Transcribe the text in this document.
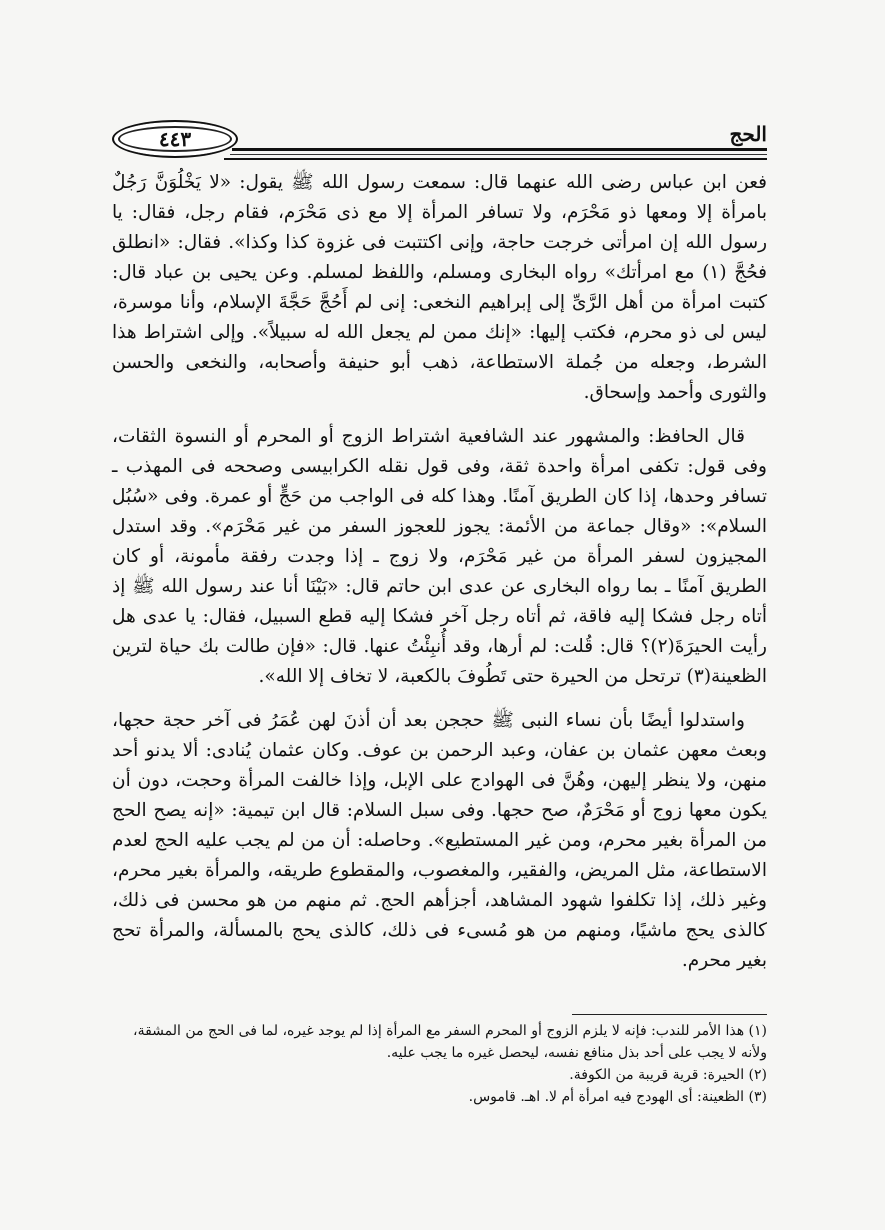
٤٤٣	الحج

فعن ابن عباس رضى الله عنهما قال: سمعت رسول الله ﷺ يقول: «لا يَخْلُوَنَّ رَجُلٌ بامرأة إلا ومعها ذو مَحْرَم، ولا تسافر المرأة إلا مع ذى مَحْرَم، فقام رجل، فقال: يا رسول الله إن امرأتى خرجت حاجة، وإنى اكتتبت فى غزوة كذا وكذا». فقال: «انطلق فحُجَّ (١) مع امرأتك» رواه البخارى ومسلم، واللفظ لمسلم. وعن يحيى بن عباد قال: كتبت امرأة من أهل الرَّىِّ إلى إبراهيم النخعى: إنى لم أَحُجَّ حَجَّةَ الإسلام، وأنا موسرة، ليس لى ذو محرم، فكتب إليها: «إنك ممن لم يجعل الله له سبيلاً». وإلى اشتراط هذا الشرط، وجعله من جُملة الاستطاعة، ذهب أبو حنيفة وأصحابه، والنخعى والحسن والثورى وأحمد وإسحاق.

قال الحافظ: والمشهور عند الشافعية اشتراط الزوج أو المحرم أو النسوة الثقات، وفى قول: تكفى امرأة واحدة ثقة، وفى قول نقله الكرابيسى وصححه فى المهذب ـ تسافر وحدها، إذا كان الطريق آمنًا. وهذا كله فى الواجب من حَجٍّ أو عمرة. وفى «سُبُل السلام»: «وقال جماعة من الأئمة: يجوز للعجوز السفر من غير مَحْرَم». وقد استدل المجيزون لسفر المرأة من غير مَحْرَم، ولا زوج ـ إذا وجدت رفقة مأمونة، أو كان الطريق آمنًا ـ بما رواه البخارى عن عدى ابن حاتم قال: «بَيْنَا أنا عند رسول الله ﷺ إذ أتاه رجل فشكا إليه فاقة، ثم أتاه رجل آخر فشكا إليه قطع السبيل، فقال: يا عدى هل رأيت الحيرَةَ(٢)؟ قال: قُلت: لم أرها، وقد أُنبِئْتُ عنها. قال: «فإن طالت بك حياة لترين الظعينة(٣) ترتحل من الحيرة حتى تَطُوفَ بالكعبة، لا تخاف إلا الله».

واستدلوا أيضًا بأن نساء النبى ﷺ حججن بعد أن أذنَ لهن عُمَرُ فى آخر حجة حجها، وبعث معهن عثمان بن عفان، وعبد الرحمن بن عوف. وكان عثمان يُنادى: ألا يدنو أحد منهن، ولا ينظر إليهن، وهُنَّ فى الهوادج على الإبل، وإذا خالفت المرأة وحجت، دون أن يكون معها زوج أو مَحْرَمٌ، صح حجها. وفى سبل السلام: قال ابن تيمية: «إنه يصح الحج من المرأة بغير محرم، ومن غير المستطيع». وحاصله: أن من لم يجب عليه الحج لعدم الاستطاعة، مثل المريض، والفقير، والمغصوب، والمقطوع طريقه، والمرأة بغير محرم، وغير ذلك، إذا تكلفوا شهود المشاهد، أجزأهم الحج. ثم منهم من هو محسن فى ذلك، كالذى يحج ماشيًا، ومنهم من هو مُسىء فى ذلك، كالذى يحج بالمسألة، والمرأة تحج بغير محرم.

(١) هذا الأمر للندب: فإنه لا يلزم الزوج أو المحرم السفر مع المرأة إذا لم يوجد غيره، لما فى الحج من المشقة، ولأنه لا يجب على أحد بذل منافع نفسه، ليحصل غيره ما يجب عليه.

(٢) الحيرة: قرية قريبة من الكوفة.

(٣) الظعينة: أى الهودج فيه امرأة أم لا. اهـ. قاموس.
